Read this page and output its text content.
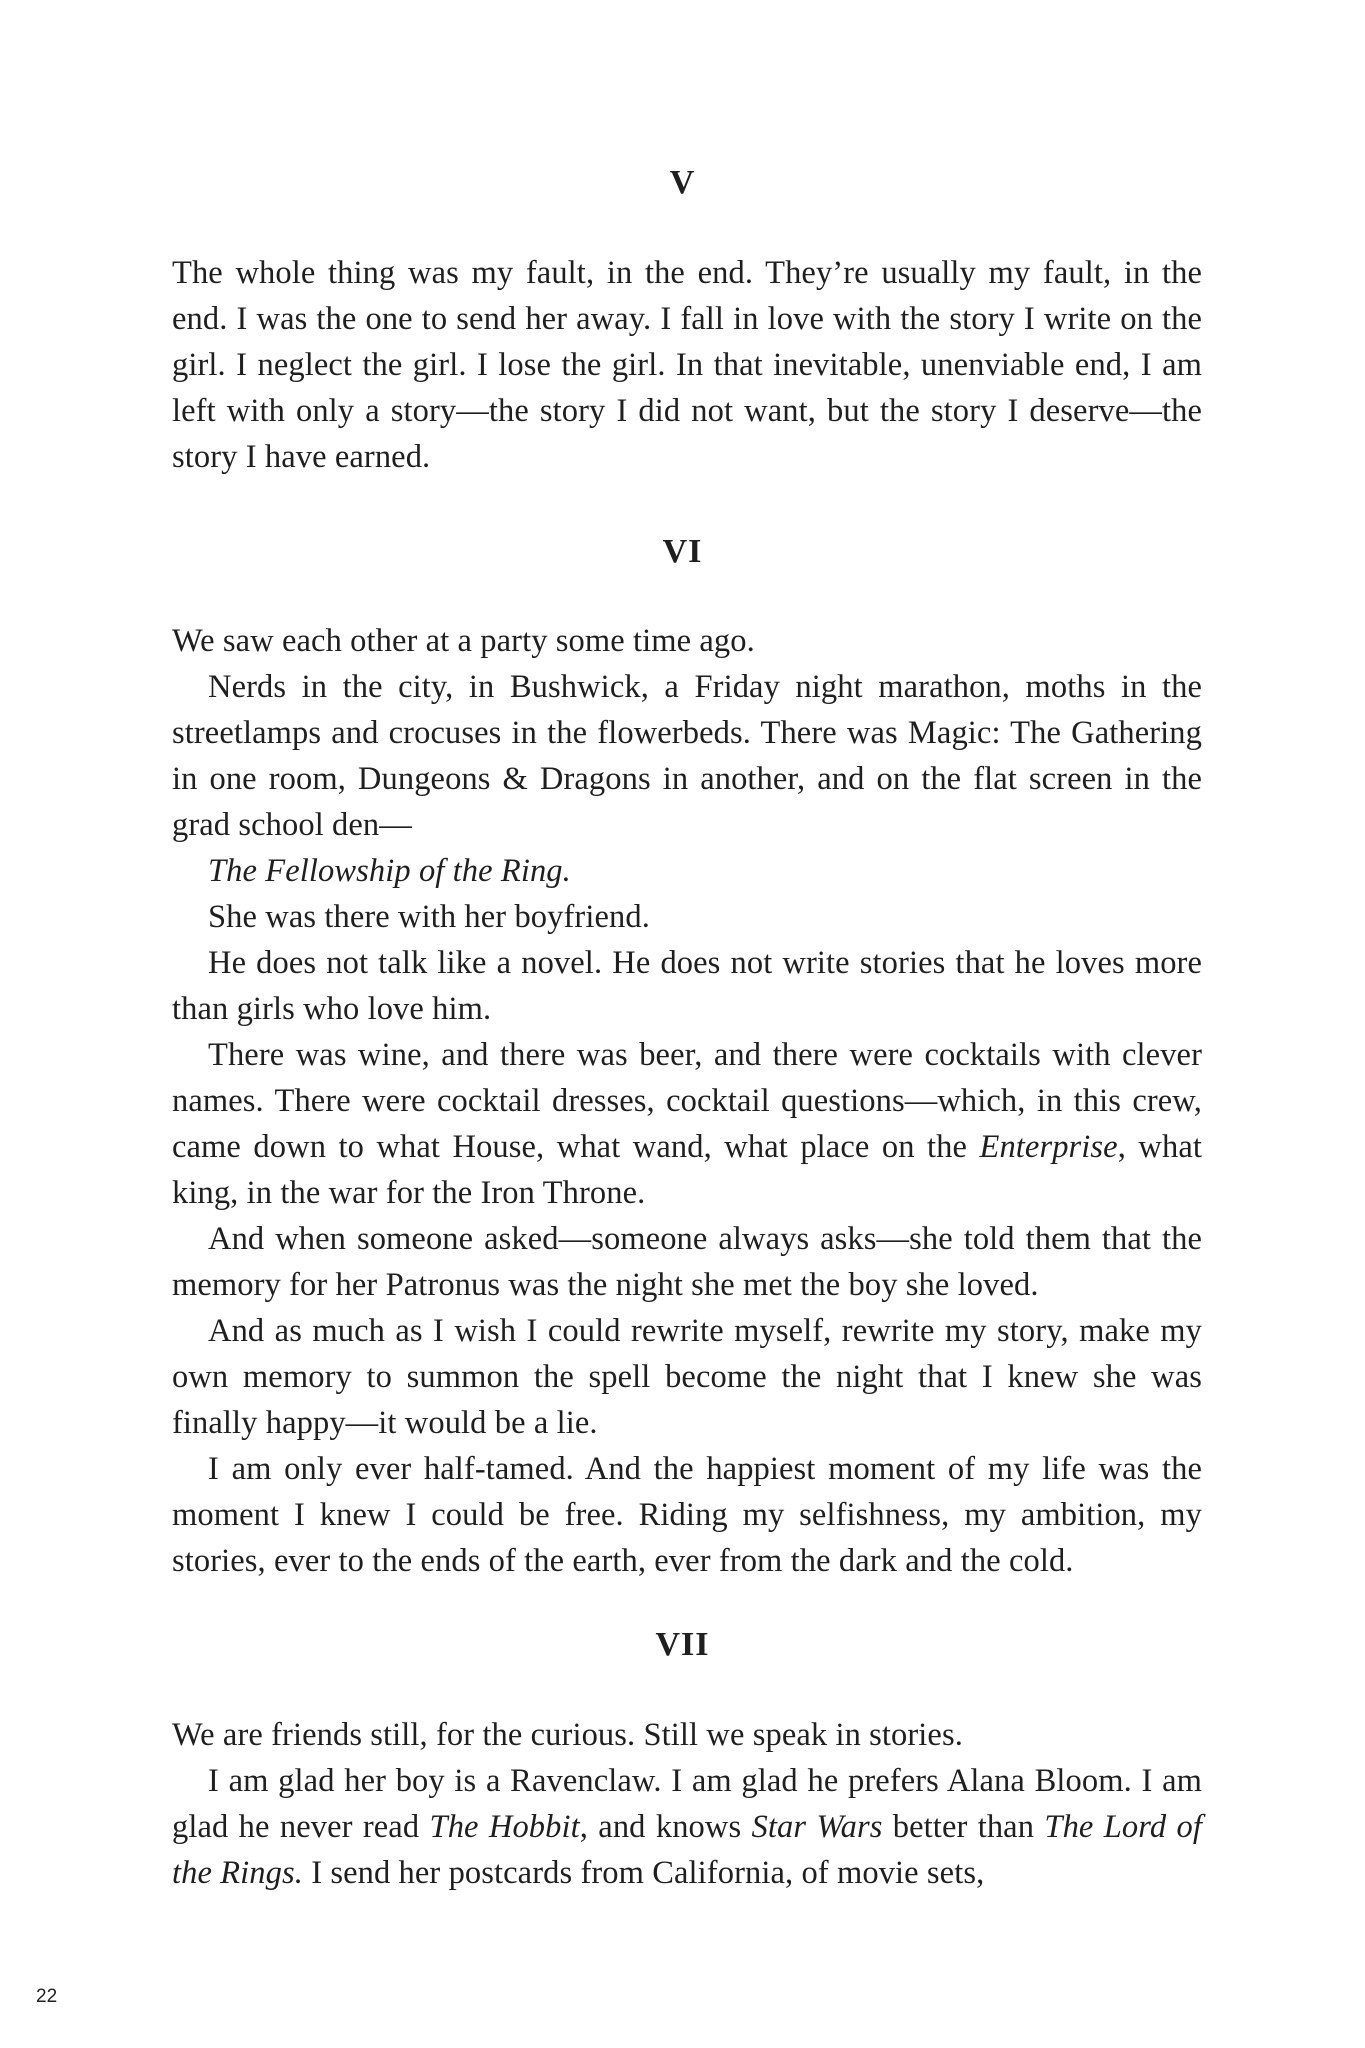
V

The whole thing was my fault, in the end. They’re usually my fault, in the end. I was the one to send her away. I fall in love with the story I write on the girl. I neglect the girl. I lose the girl. In that inevitable, unenviable end, I am left with only a story—the story I did not want, but the story I deserve—the story I have earned.

VI

We saw each other at a party some time ago.

Nerds in the city, in Bushwick, a Friday night marathon, moths in the streetlamps and crocuses in the flowerbeds. There was Magic: The Gathering in one room, Dungeons & Dragons in another, and on the flat screen in the grad school den—

The Fellowship of the Ring.

She was there with her boyfriend.

He does not talk like a novel. He does not write stories that he loves more than girls who love him.

There was wine, and there was beer, and there were cocktails with clever names. There were cocktail dresses, cocktail questions—which, in this crew, came down to what House, what wand, what place on the Enterprise, what king, in the war for the Iron Throne.

And when someone asked—someone always asks—she told them that the memory for her Patronus was the night she met the boy she loved.

And as much as I wish I could rewrite myself, rewrite my story, make my own memory to summon the spell become the night that I knew she was finally happy—it would be a lie.

I am only ever half-tamed. And the happiest moment of my life was the moment I knew I could be free. Riding my selfishness, my ambition, my stories, ever to the ends of the earth, ever from the dark and the cold.

VII

We are friends still, for the curious. Still we speak in stories.

I am glad her boy is a Ravenclaw. I am glad he prefers Alana Bloom. I am glad he never read The Hobbit, and knows Star Wars better than The Lord of the Rings. I send her postcards from California, of movie sets,

22
